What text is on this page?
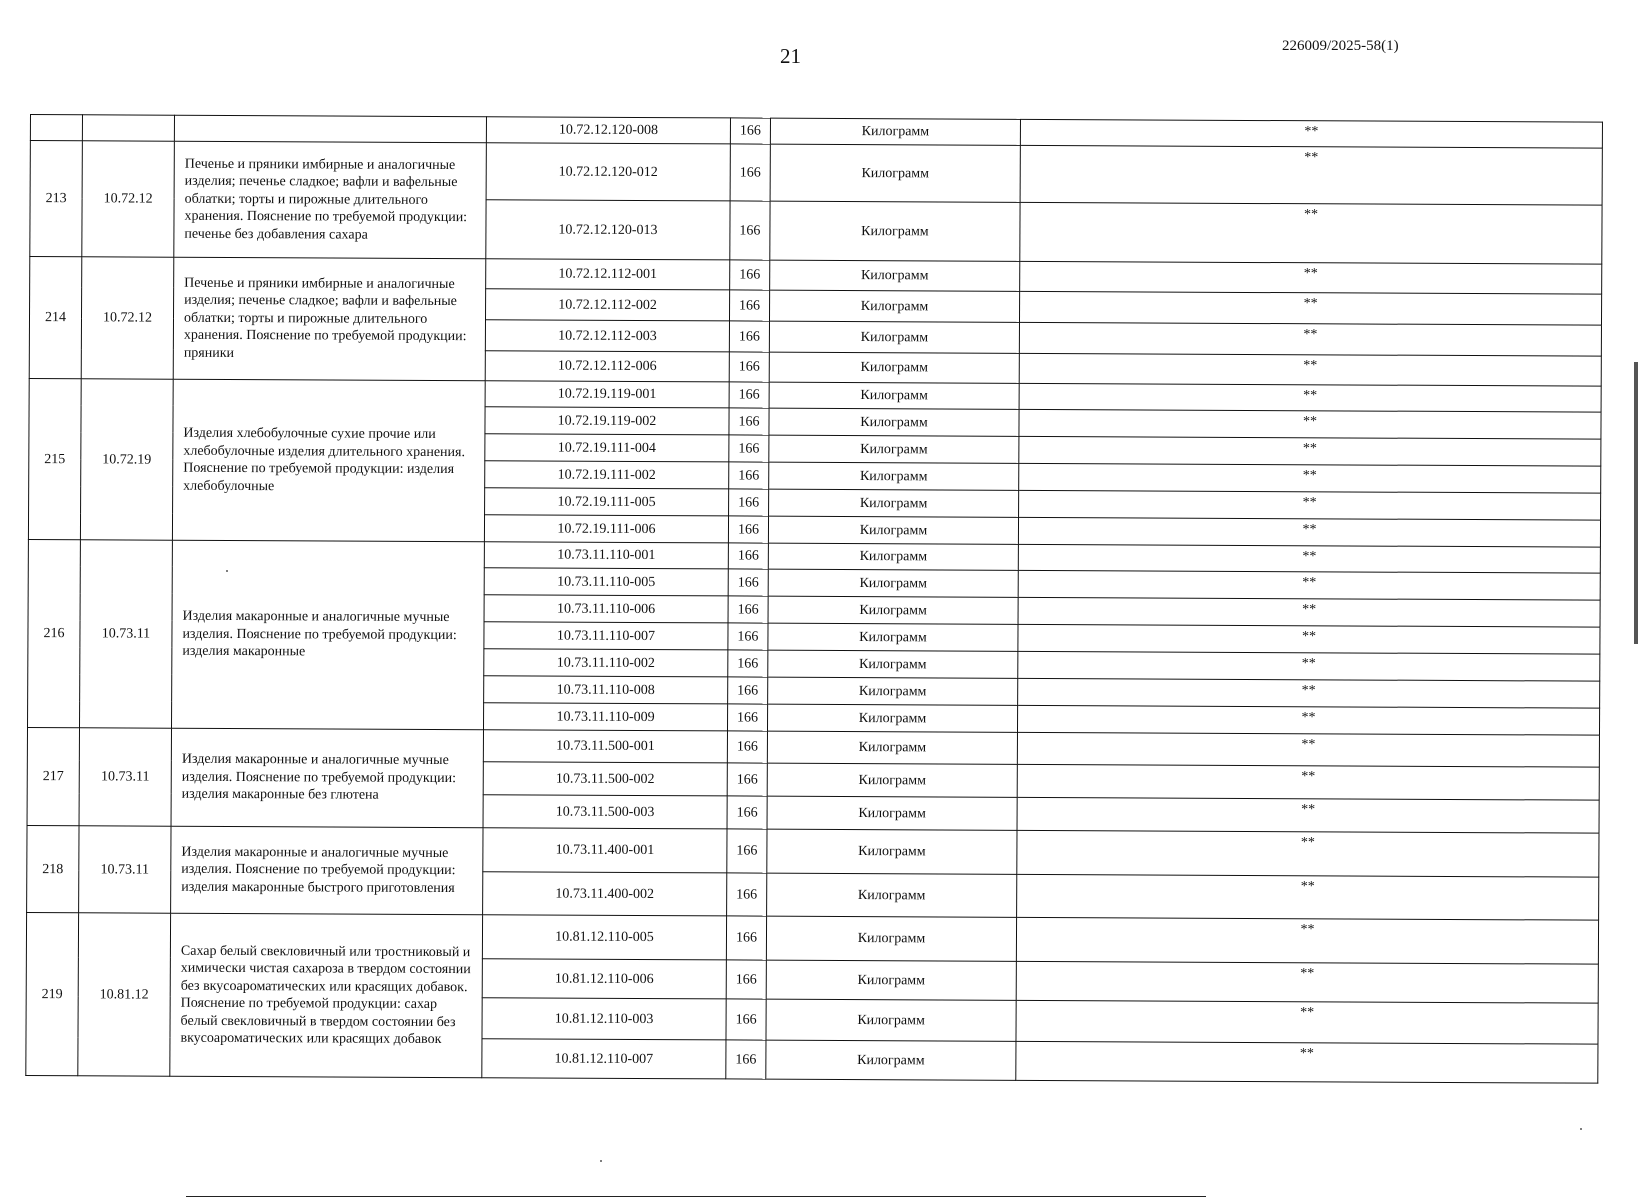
21	226009/2025-58(1)
			10.72.12.120-008	166	Килограмм	**
213	10.72.12	Печенье и пряники имбирные и аналогичные изделия; печенье сладкое; вафли и вафельные облатки; торты и пирожные длительного хранения. Пояснение по требуемой продукции: печенье без добавления сахара	10.72.12.120-012	166	Килограмм	**
			10.72.12.120-013	166	Килограмм	**
214	10.72.12	Печенье и пряники имбирные и аналогичные изделия; печенье сладкое; вафли и вафельные облатки; торты и пирожные длительного хранения. Пояснение по требуемой продукции: пряники	10.72.12.112-001	166	Килограмм	**
			10.72.12.112-002	166	Килограмм	**
			10.72.12.112-003	166	Килограмм	**
			10.72.12.112-006	166	Килограмм	**
215	10.72.19	Изделия хлебобулочные сухие прочие или хлебобулочные изделия длительного хранения. Пояснение по требуемой продукции: изделия хлебобулочные	10.72.19.119-001	166	Килограмм	**
			10.72.19.119-002	166	Килограмм	**
			10.72.19.111-004	166	Килограмм	**
			10.72.19.111-002	166	Килограмм	**
			10.72.19.111-005	166	Килограмм	**
			10.72.19.111-006	166	Килограмм	**
216	10.73.11	Изделия макаронные и аналогичные мучные изделия. Пояснение по требуемой продукции: изделия макаронные	10.73.11.110-001	166	Килограмм	**
			10.73.11.110-005	166	Килограмм	**
			10.73.11.110-006	166	Килограмм	**
			10.73.11.110-007	166	Килограмм	**
			10.73.11.110-002	166	Килограмм	**
			10.73.11.110-008	166	Килограмм	**
			10.73.11.110-009	166	Килограмм	**
217	10.73.11	Изделия макаронные и аналогичные мучные изделия. Пояснение по требуемой продукции: изделия макаронные без глютена	10.73.11.500-001	166	Килограмм	**
			10.73.11.500-002	166	Килограмм	**
			10.73.11.500-003	166	Килограмм	**
218	10.73.11	Изделия макаронные и аналогичные мучные изделия. Пояснение по требуемой продукции: изделия макаронные быстрого приготовления	10.73.11.400-001	166	Килограмм	**
			10.73.11.400-002	166	Килограмм	**
219	10.81.12	Сахар белый свекловичный или тростниковый и химически чистая сахароза в твердом состоянии без вкусоароматических или красящих добавок. Пояснение по требуемой продукции: сахар белый свекловичный в твердом состоянии без вкусоароматических или красящих добавок	10.81.12.110-005	166	Килограмм	**
			10.81.12.110-006	166	Килограмм	**
			10.81.12.110-003	166	Килограмм	**
			10.81.12.110-007	166	Килограмм	**
